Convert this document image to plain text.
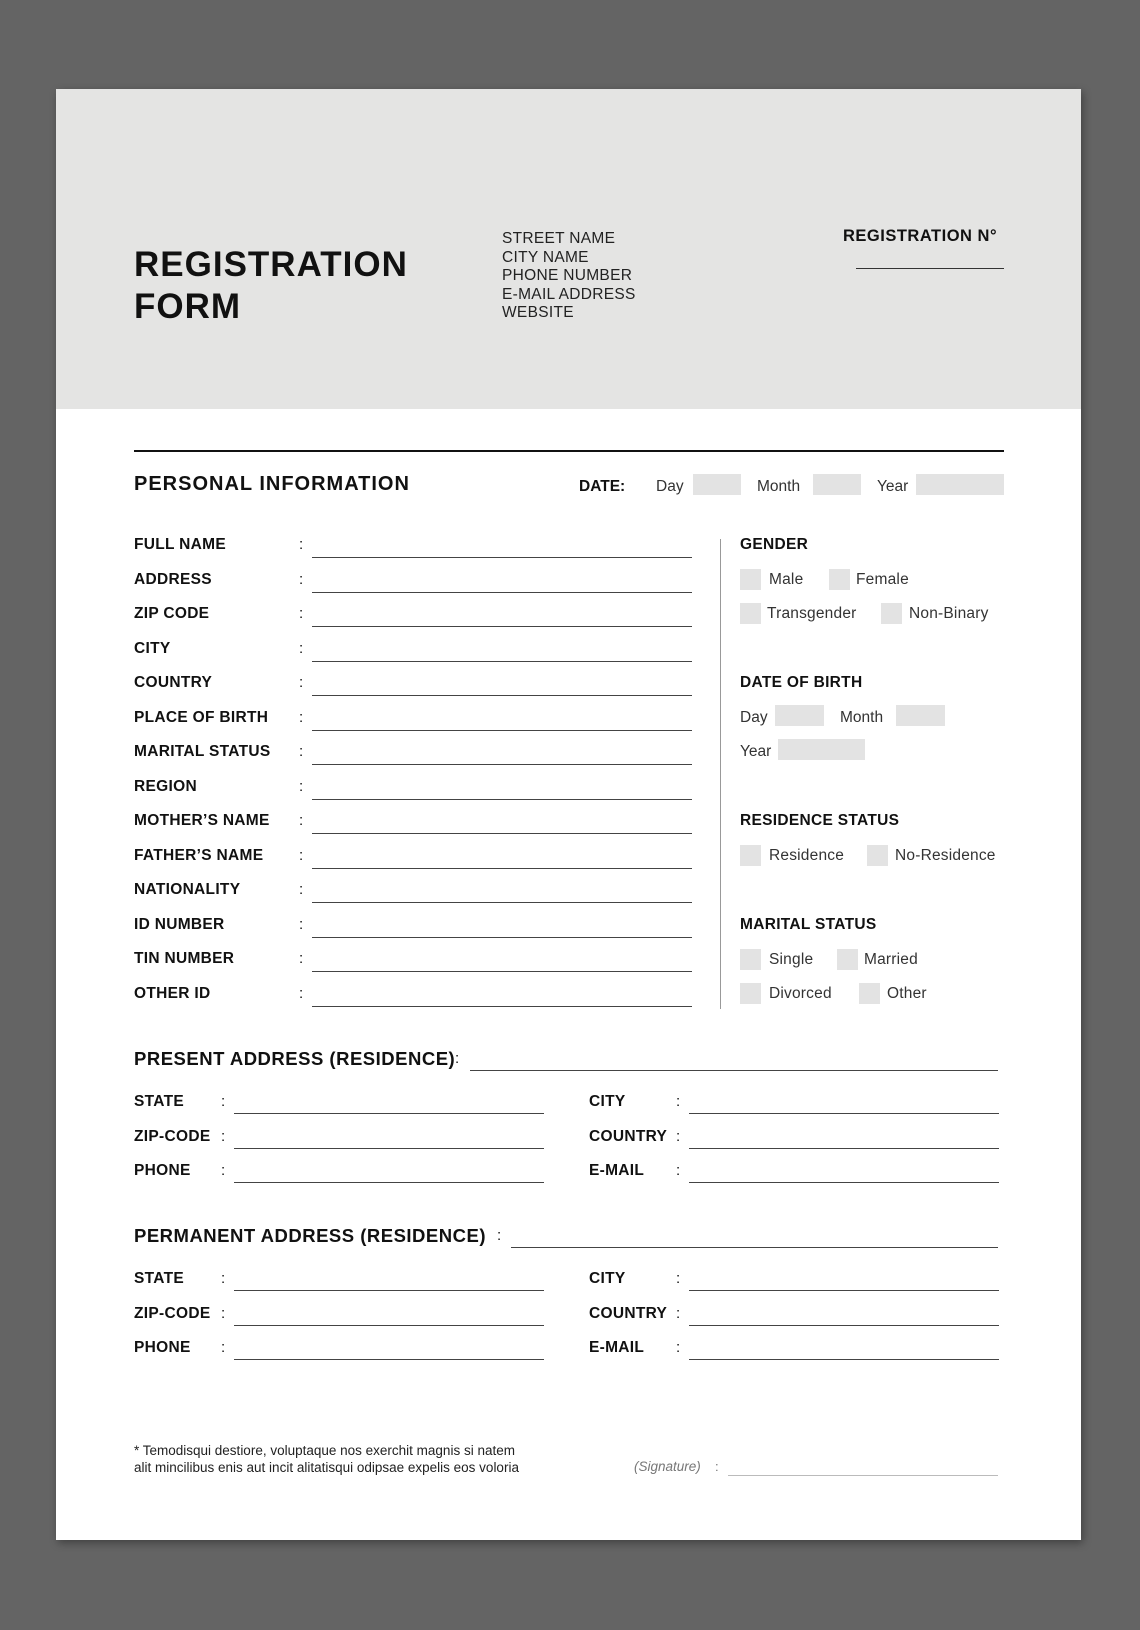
REGISTRATION
FORM
STREET NAME
CITY NAME
PHONE NUMBER
E-MAIL ADDRESS
WEBSITE
REGISTRATION N°
PERSONAL INFORMATION	DATE: Day	Month	Year
FULL NAME	:
ADDRESS	:
ZIP CODE	:
CITY	:
COUNTRY	:
PLACE OF BIRTH :
MARITAL STATUS :
REGION	:
MOTHER’S NAME :
FATHER’S NAME :
NATIONALITY	:
ID NUMBER	:
TIN NUMBER	:
OTHER ID	:
GENDER
Male	Female
Transgender	Non-Binary
DATE OF BIRTH
Day	Month
Year
RESIDENCE STATUS
Residence	No-Residence
MARITAL STATUS
Single	Married
Divorced	Other
PRESENT ADDRESS (RESIDENCE) :
STATE :	CITY	:
ZIP-CODE :	COUNTRY :
PHONE :	E-MAIL :
PERMANENT ADDRESS (RESIDENCE) :
STATE :	CITY	:
ZIP-CODE :	COUNTRY :
PHONE :	E-MAIL :
* Temodisqui destiore, voluptaque nos exerchit magnis si natem
alit mincilibus enis aut incit alitatisqui odipsae expelis eos voloria	(Signature) :
